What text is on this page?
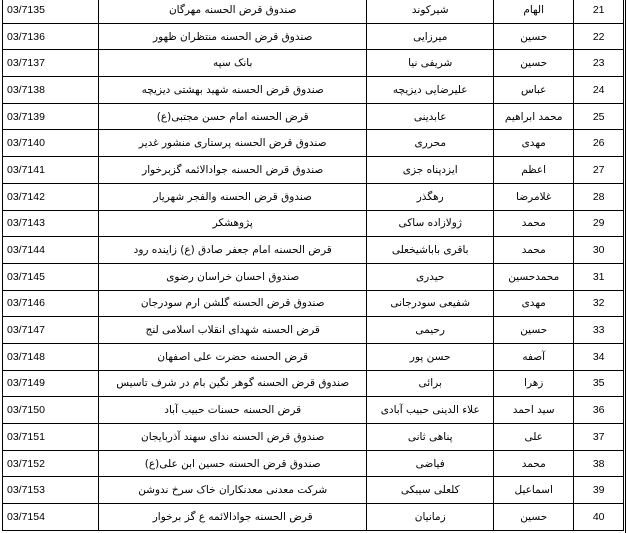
03/7135	صندوق قرض الحسنه مهرگان	شیرکوند	الهام	21
03/7136	صندوق قرض الحسنه منتظران ظهور	میرزایی	حسین	22
03/7137	بانک سپه	شریفی نیا	حسین	23
03/7138	صندوق قرض الحسنه شهید بهشتی دیزیچه	علیرضایی دیزیچه	عباس	24
03/7139	قرض الحسنه امام حسن مجتبی(ع)	عابدینی	محمد ابراهیم	25
03/7140	صندوق قرض الحسنه پرستاری منشور غدیر	محرری	مهدی	26
03/7141	صندوق قرض الحسنه جوادالائمه گزبرخوار	ایزدپناه جزی	اعظم	27
03/7142	صندوق قرض الحسنه والفجر شهریار	رهگذر	غلامرضا	28
03/7143	پژوهشکر	ژولازاده ساکی	محمد	29
03/7144	قرض الحسنه امام جعفر صادق (ع) زاینده رود	باقری باباشیخعلی	محمد	30
03/7145	صندوق احسان خراسان رضوی	حیدری	محمدحسین	31
03/7146	صندوق قرض الحسنه گلشن ارم سودرجان	شفیعی سودرجانی	مهدی	32
03/7147	قرض الحسنه شهدای انقلاب اسلامی لنج	رحیمی	حسین	33
03/7148	قرض الحسنه حضرت علی اصفهان	حسن پور	آصفه	34
03/7149	صندوق قرض الحسنه گوهر نگین بام در شرف تاسیس	برائی	زهرا	35
03/7150	قرض الحسنه حسنات حبیب آباد	علاء الدینی حبیب آبادی	سید احمد	36
03/7151	صندوق قرض الحسنه ندای سهند آذربایجان	پناهی ثانی	علی	37
03/7152	صندوق قرض الحسنه حسین ابن علی(ع)	فیاضی	محمد	38
03/7153	شرکت معدنی معدنکاران خاک سرخ ندوشن	کلعلی سیبکی	اسماعیل	39
03/7154	قرض الحسنه جوادالائمه ع گز برخوار	زمانیان	حسین	40
